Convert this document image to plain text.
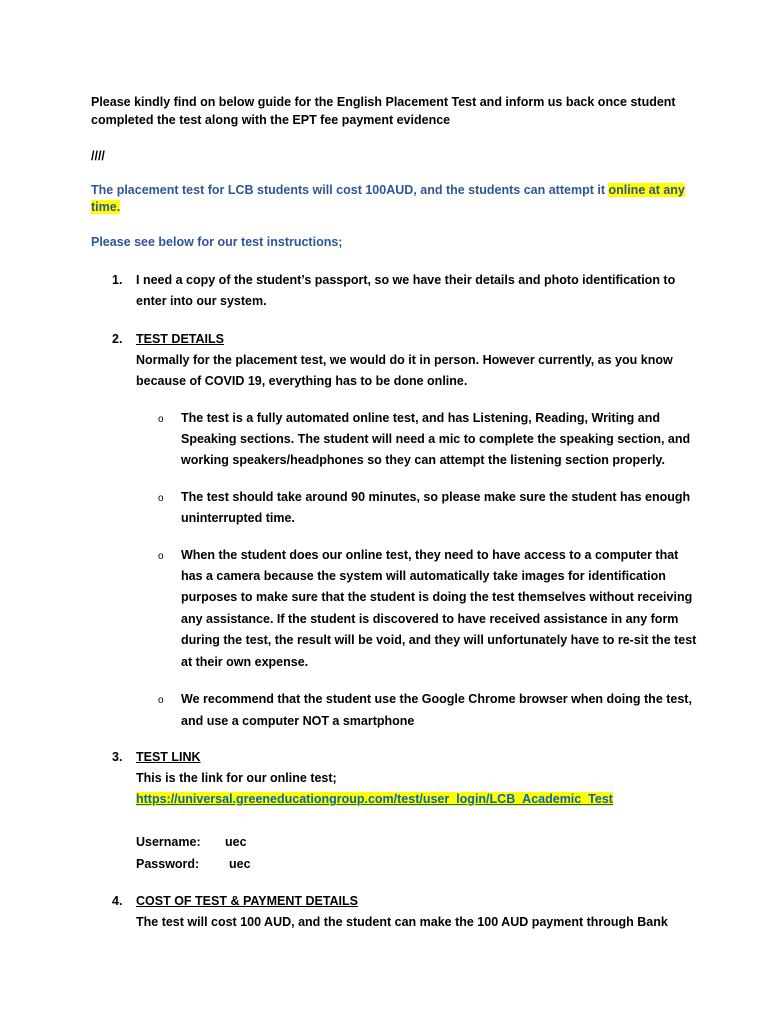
Please kindly find on below guide for the English Placement Test and inform us back once student

completed the test along with the EPT fee payment evidence

////

The placement test for LCB students will cost 100AUD, and the students can attempt it online at any

time.

Please see below for our test instructions;

1. I need a copy of the student’s passport, so we have their details and photo identification to

enter into our system.

2. TEST DETAILS

Normally for the placement test, we would do it in person. However currently, as you know

because of COVID 19, everything has to be done online.

o The test is a fully automated online test, and has Listening, Reading, Writing and

Speaking sections. The student will need a mic to complete the speaking section, and

working speakers/headphones so they can attempt the listening section properly.

o The test should take around 90 minutes, so please make sure the student has enough

uninterrupted time.

o When the student does our online test, they need to have access to a computer that

has a camera because the system will automatically take images for identification

purposes to make sure that the student is doing the test themselves without receiving

any assistance. If the student is discovered to have received assistance in any form

during the test, the result will be void, and they will unfortunately have to re-sit the test

at their own expense.

o We recommend that the student use the Google Chrome browser when doing the test,

and use a computer NOT a smartphone

3. TEST LINK

This is the link for our online test;

https://universal.greeneducationgroup.com/test/user_login/LCB_Academic_Test

Username: uec
Password: uec
4. COST OF TEST & PAYMENT DETAILS

The test will cost 100 AUD, and the student can make the 100 AUD payment through Bank
